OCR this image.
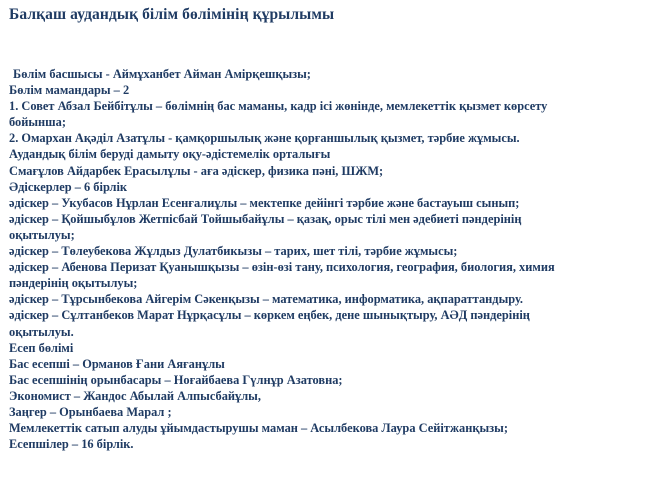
Балқаш аудандық білім бөлімінің құрылымы
Бөлім басшысы - Аймұханбет Айман Амірқешқызы;
Бөлім мамандары – 2
1. Совет Абзал Бейбітұлы – бөлімнің бас маманы, кадр ісі жөнінде, мемлекеттік қызмет көрсету
бойынша;
2. Омархан Ақәділ Азатұлы - қамқоршылық және қорғаншылық қызмет, тәрбие жұмысы.
Аудандық білім беруді дамыту оқу-әдістемелік орталығы
Смағұлов Айдарбек Ерасылұлы - аға әдіскер, физика пәні, ШЖМ;
Әдіскерлер – 6 бірлік
әдіскер – Укубасов Нұрлан Есенғалиұлы – мектепке дейінгі тәрбие және бастауыш сынып;
әдіскер – Қойшыбұлов Жетпісбай Тойшыбайұлы – қазақ, орыс тілі мен әдебиеті пәндерінің
оқытылуы;
әдіскер – Төлеубекова Жұлдыз Дулатбикызы – тарих, шет тілі, тәрбие жұмысы;
әдіскер – Абенова Перизат Қуанышқызы – өзін-өзі тану, психология, география, биология, химия
пәндерінің оқытылуы;
әдіскер – Тұрсынбекова Айгерім Сәкенқызы – математика, информатика, ақпараттандыру.
әдіскер – Сұлтанбеков Марат Нұрқасұлы – көркем еңбек, дене шынықтыру, АӘД пәндерінің
оқытылуы.
Есеп бөлімі
Бас есепші – Орманов Ғани Аяғанұлы
Бас есепшінің орынбасары – Ноғайбаева Гүлнұр Азатовна;
Экономист – Жандос Абылай Алпысбайұлы,
Заңгер – Орынбаева Марал ;
Мемлекеттік сатып алуды ұйымдастырушы маман – Асылбекова Лаура Сейітжанқызы;
Есепшілер – 16 бірлік.
